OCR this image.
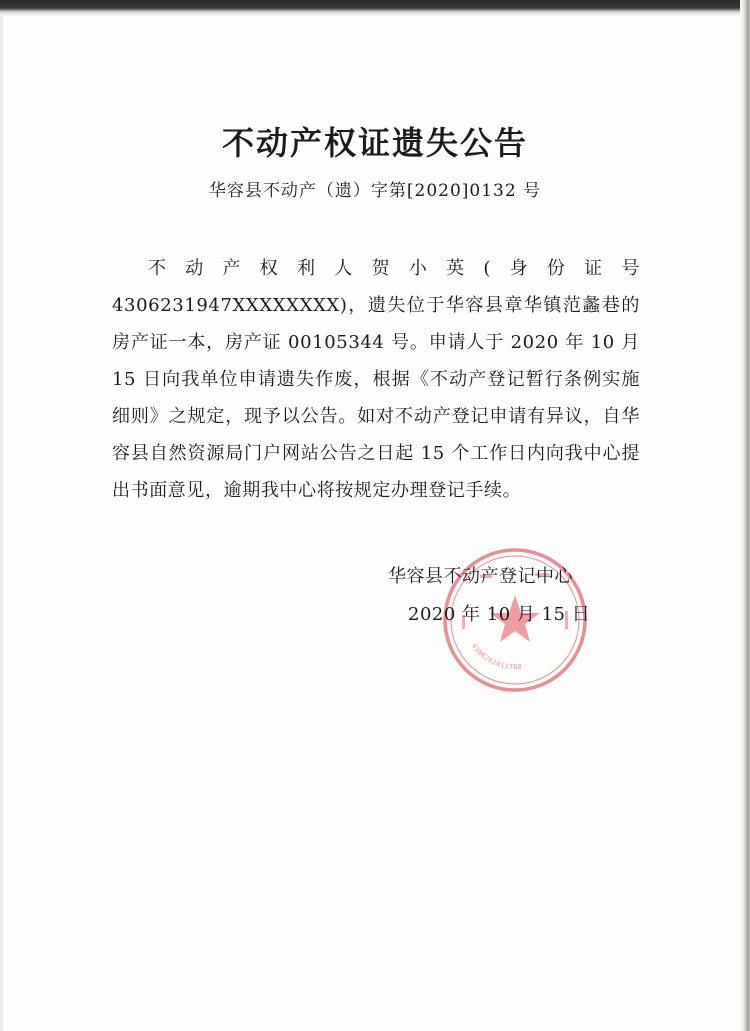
不动产权证遗失公告
华容县不动产（遗）字第[2020]0132 号

不动产权利人贺小英(身份证号 4306231947XXXXXXXX)，遗失位于华容县章华镇范蠡巷的房产证一本，房产证 00105344 号。申请人于 2020 年 10 月 15 日向我单位申请遗失作废，根据《不动产登记暂行条例实施细则》之规定，现予以公告。如对不动产登记申请有异议，自华容县自然资源局门户网站公告之日起 15 个工作日内向我中心提出书面意见，逾期我中心将按规定办理登记手续。

4306262011768
华容县不动产登记中心
2020 年 10 月 15 日
